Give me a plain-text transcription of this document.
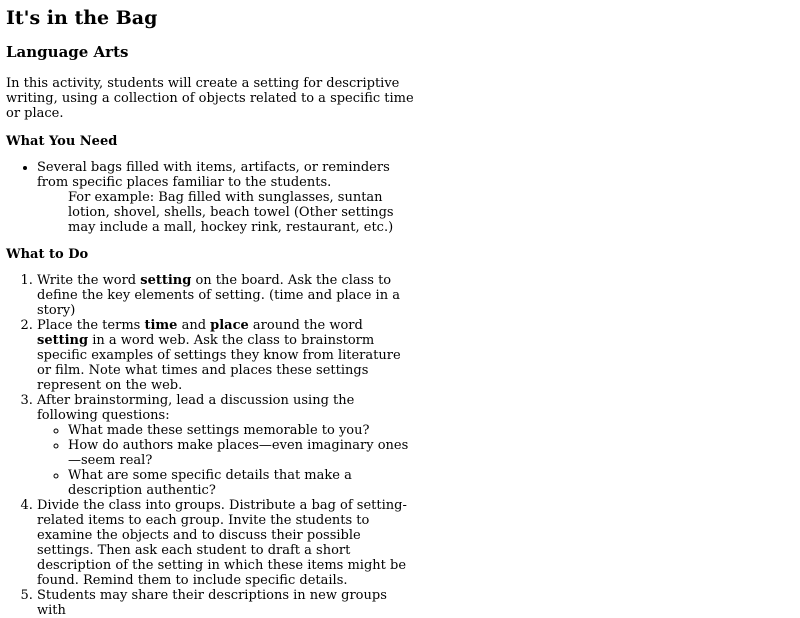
It's in the Bag
Language Arts

In this activity, students will create a setting for descriptive writing, using a collection of objects related to a specific time or place.

What You Need
• Several bags filled with items, artifacts, or reminders from specific places familiar to the students.
For example: Bag filled with sunglasses, suntan lotion, shovel, shells, beach towel (Other settings may include a mall, hockey rink, restaurant, etc.)
What to Do
1. Write the word setting on the board. Ask the class to define the key elements of setting. (time and place in a story)
2. Place the terms time and place around the word setting in a word web. Ask the class to brainstorm specific examples of settings they know from literature or film. Note what times and places these settings represent on the web.
3. After brainstorming, lead a discussion using the following questions:
◦ What made these settings memorable to you?
◦ How do authors make places—even imaginary ones—seem real?
◦ What are some specific details that make a description authentic?
4. Divide the class into groups. Distribute a bag of setting-related items to each group. Invite the students to examine the objects and to discuss their possible settings. Then ask each student to draft a short description of the setting in which these items might be found. Remind them to include specific details.
5. Students may share their descriptions in new groups with
